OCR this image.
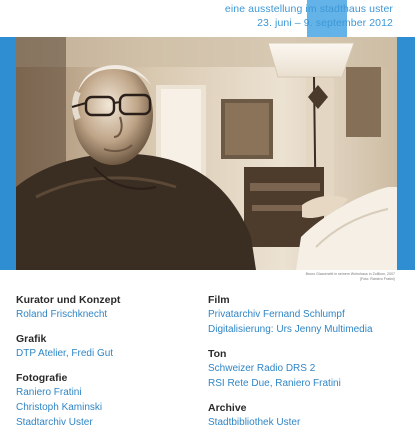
eine ausstellung im stadthaus uster
23. juni – 9. september 2012
Bruno Giacometti in seinem Wohnhaus in Zollikon, 2007
(Foto: Raniero Fratini)
Kurator und Konzept
Roland Frischknecht
Grafik
DTP Atelier, Fredi Gut
Fotografie
Raniero Fratini
Christoph Kaminski
Stadtarchiv Uster
Film
Privatarchiv Fernand Schlumpf
Digitalisierung: Urs Jenny Multimedia
Ton
Schweizer Radio DRS 2
RSI Rete Due, Raniero Fratini
Archive
Stadtbibliothek Uster
